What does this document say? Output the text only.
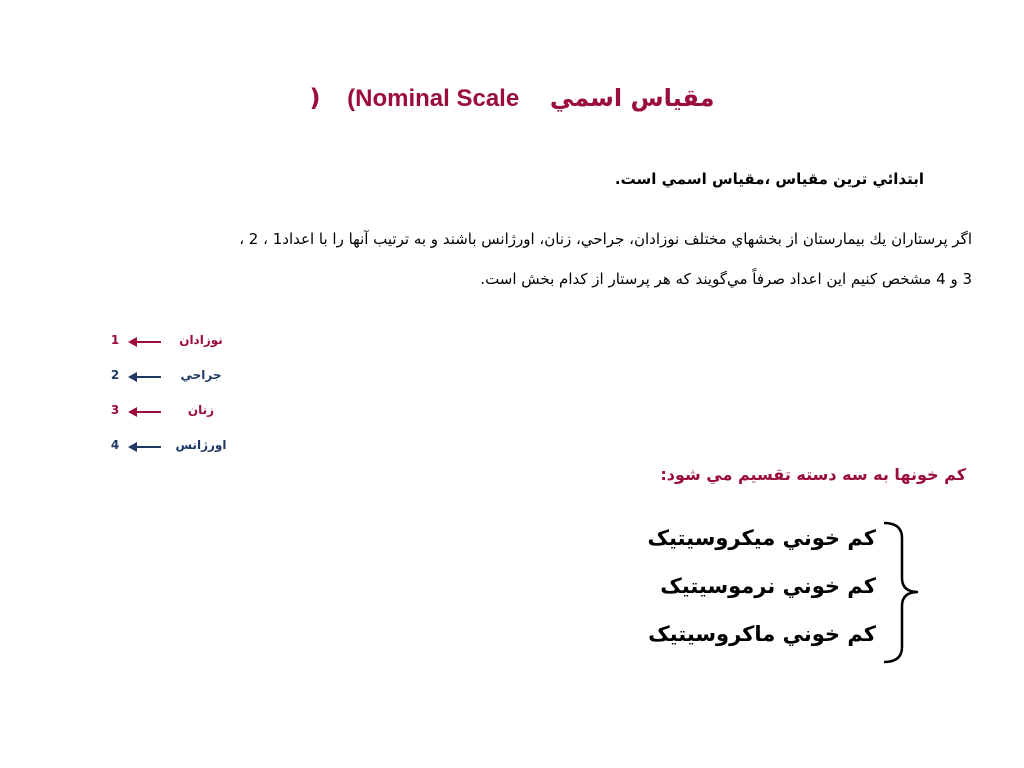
) (Nominal Scale مقياس اسمي
ابتدائي ترين مقياس ،مقياس اسمي است.
اگر پرستاران يك بيمارستان از بخشهاي مختلف نوزادان، جراحي، زنان، اورژانس باشند و به ترتيب آنها را با اعداد1 ، 2 ،
3 و 4 مشخص كنيم اين اعداد صرفاً مي‌گويند كه هر پرستار از كدام بخش است.
1	نوزادان
2	جراحي
3	زنان
4	اورژانس
كم خونها به سه دسته تقسيم مي شود:
كم خوني ميكروسيتيک
كم خوني نرموسيتيک
كم خوني ماكروسيتيک
